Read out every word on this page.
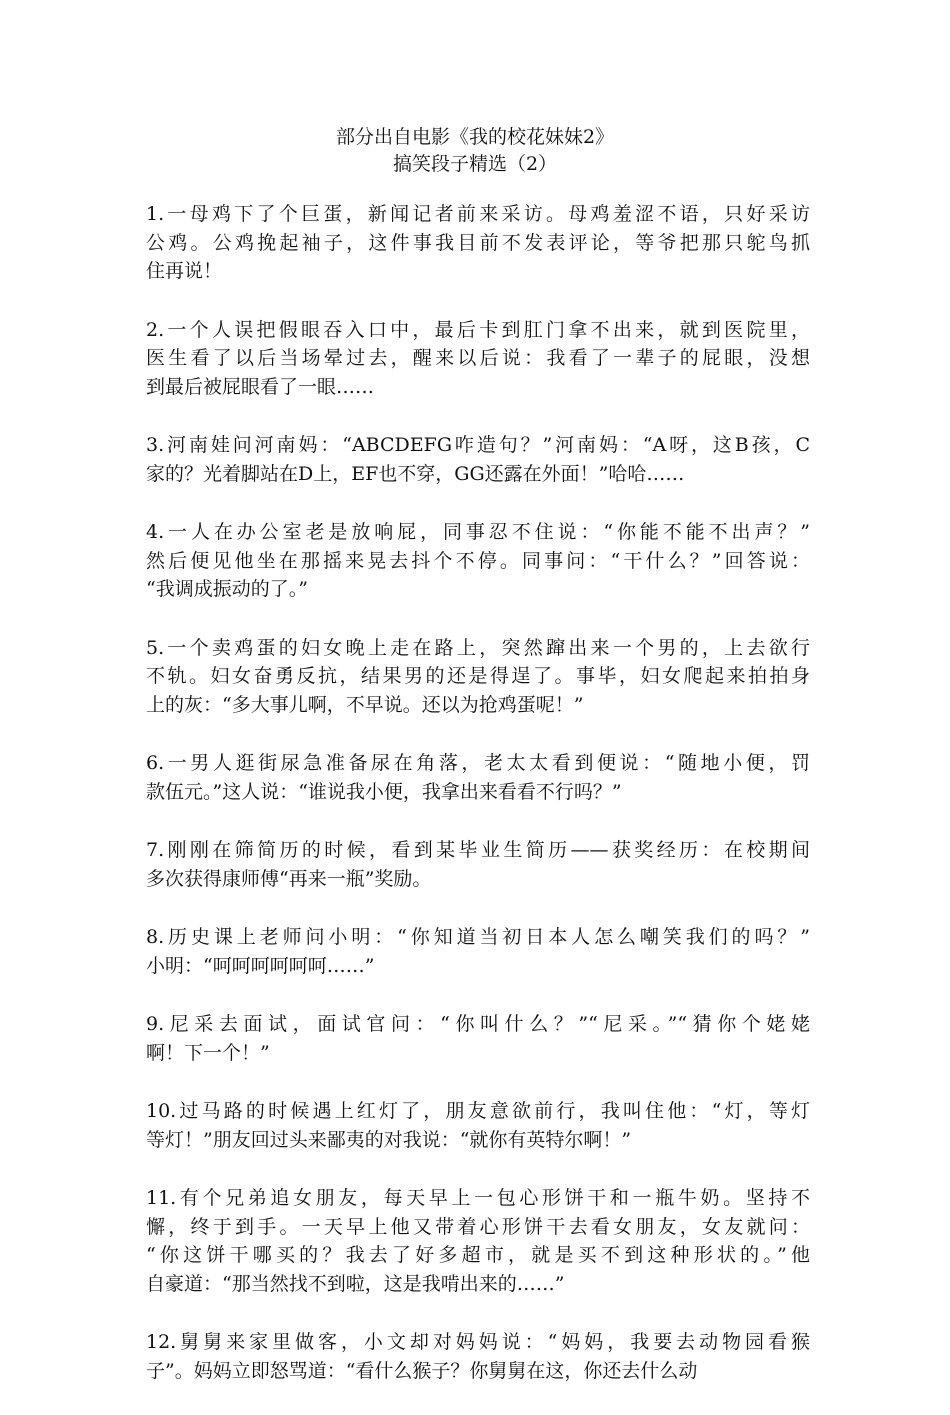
部分出自电影《我的校花妹妹2》
搞笑段子精选（2）
1.一母鸡下了个巨蛋，新闻记者前来采访。母鸡羞涩不语，只好采访
公鸡。公鸡挽起袖子，这件事我目前不发表评论，等爷把那只鸵鸟抓
住再说！
2.一个人误把假眼吞入口中，最后卡到肛门拿不出来，就到医院里，
医生看了以后当场晕过去，醒来以后说：我看了一辈子的屁眼，没想
到最后被屁眼看了一眼……
3.河南娃问河南妈：“ABCDEFG咋造句？”河南妈：“A呀，这B孩，C
家的？光着脚站在D上，EF也不穿，GG还露在外面！”哈哈……
4.一人在办公室老是放响屁，同事忍不住说：“你能不能不出声？”
然后便见他坐在那摇来晃去抖个不停。同事问：“干什么？”回答说：
“我调成振动的了。”
5.一个卖鸡蛋的妇女晚上走在路上，突然蹿出来一个男的，上去欲行
不轨。妇女奋勇反抗，结果男的还是得逞了。事毕，妇女爬起来拍拍身
上的灰：“多大事儿啊，不早说。还以为抢鸡蛋呢！”
6.一男人逛街尿急准备尿在角落，老太太看到便说：“随地小便，罚
款伍元。”这人说：“谁说我小便，我拿出来看看不行吗？”
7.刚刚在筛简历的时候，看到某毕业生简历——获奖经历：在校期间
多次获得康师傅“再来一瓶”奖励。
8.历史课上老师问小明：“你知道当初日本人怎么嘲笑我们的吗？”
小明：“呵呵呵呵呵呵……”
9.尼采去面试，面试官问：“你叫什么？”“尼采。”“猜你个姥姥
啊！下一个！”
10.过马路的时候遇上红灯了，朋友意欲前行，我叫住他：“灯，等灯
等灯！”朋友回过头来鄙夷的对我说：“就你有英特尔啊！”
11.有个兄弟追女朋友，每天早上一包心形饼干和一瓶牛奶。坚持不
懈，终于到手。一天早上他又带着心形饼干去看女朋友，女友就问：
“你这饼干哪买的？我去了好多超市，就是买不到这种形状的。”他
自豪道：“那当然找不到啦，这是我啃出来的……”
12.舅舅来家里做客，小文却对妈妈说：“妈妈，我要去动物园看猴
子”。妈妈立即怒骂道：“看什么猴子？你舅舅在这，你还去什么动
